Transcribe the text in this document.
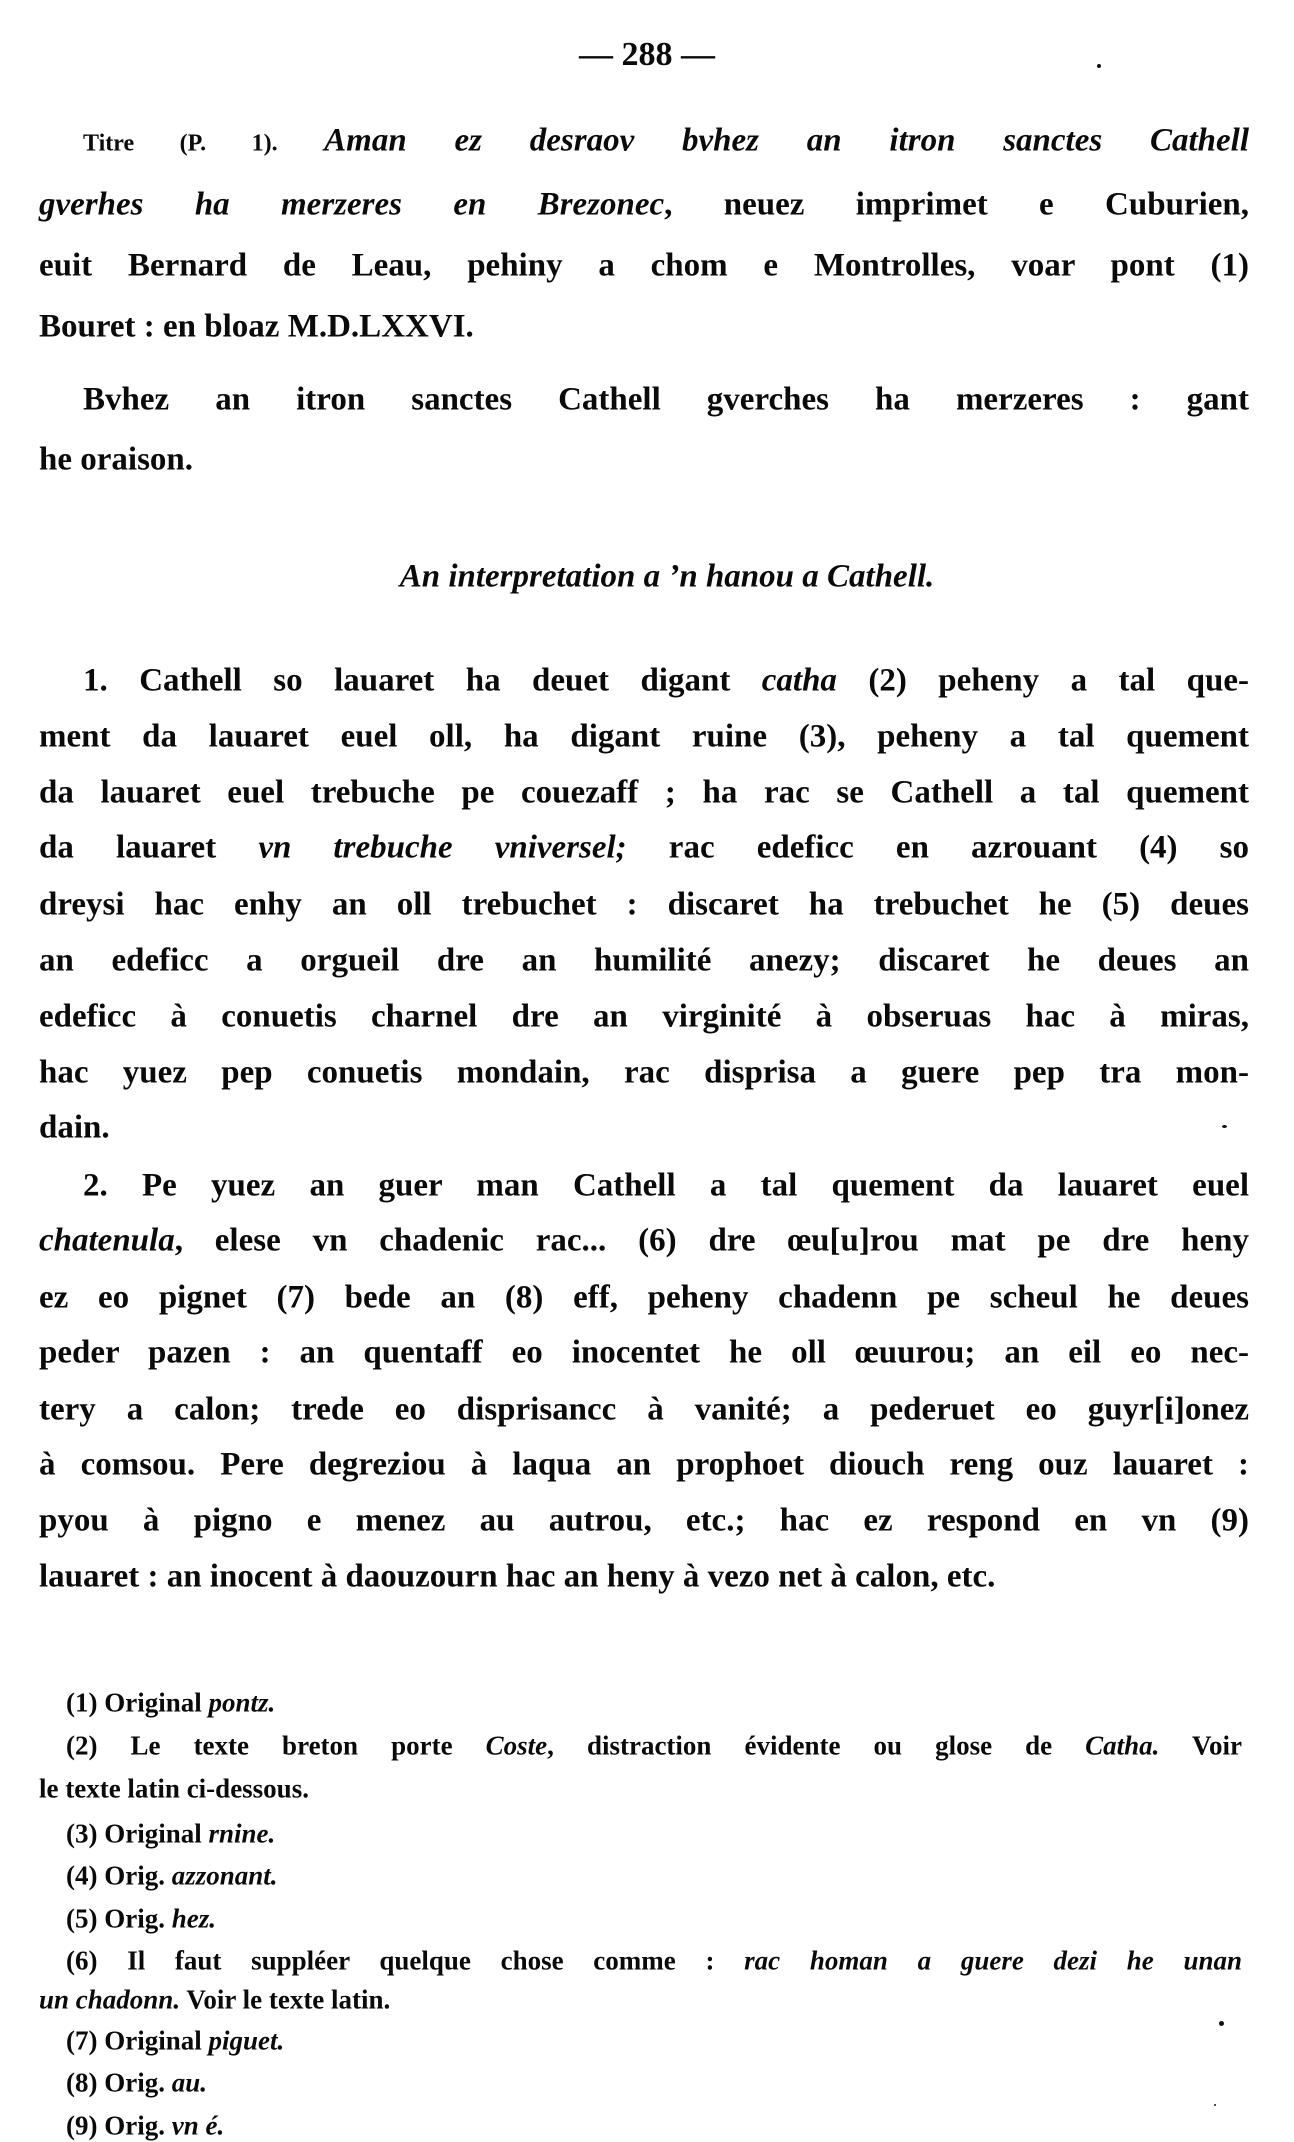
— 288 —
An interpretation a ’n hanou a Cathell.
Titre (P. 1). Aman ez desraov bvhez an itron sanctes Cathell
gverhes ha merzeres en Brezonec, neuez imprimet e Cuburien,
euit Bernard de Leau, pehiny a chom e Montrolles, voar pont (1)
Bouret : en bloaz M.D.LXXVI.
Bvhez an itron sanctes Cathell gverches ha merzeres : gant
he oraison.
1. Cathell so lauaret ha deuet digant catha (2) peheny a tal que-
ment da lauaret euel oll, ha digant ruine (3), peheny a tal quement
da lauaret euel trebuche pe couezaff ; ha rac se Cathell a tal quement
da lauaret vn trebuche vniversel; rac edeficc en azrouant (4) so
dreysi hac enhy an oll trebuchet : discaret ha trebuchet he (5) deues
an edeficc a orgueil dre an humilité anezy; discaret he deues an
edeficc à conuetis charnel dre an virginité à obseruas hac à miras,
hac yuez pep conuetis mondain, rac disprisa a guere pep tra mon-
dain.
2. Pe yuez an guer man Cathell a tal quement da lauaret euel
chatenula, elese vn chadenic rac... (6) dre œu[u]rou mat pe dre heny
ez eo pignet (7) bede an (8) eff, peheny chadenn pe scheul he deues
peder pazen : an quentaff eo inocentet he oll œuurou; an eil eo nec-
tery a calon; trede eo disprisancc à vanité; a pederuet eo guyr[i]onez
à comsou. Pere degreziou à laqua an prophoet diouch reng ouz lauaret :
pyou à pigno e menez au autrou, etc.; hac ez respond en vn (9)
lauaret : an inocent à daouzourn hac an heny à vezo net à calon, etc.
(1) Original pontz.
(2) Le texte breton porte Coste, distraction évidente ou glose de Catha. Voir
le texte latin ci-dessous.
(3) Original rnine.
(4) Orig. azzonant.
(5) Orig. hez.
(6) Il faut suppléer quelque chose comme : rac homan a guere dezi he unan
un chadonn. Voir le texte latin.
(7) Original piguet.
(8) Orig. au.
(9) Orig. vn é.
